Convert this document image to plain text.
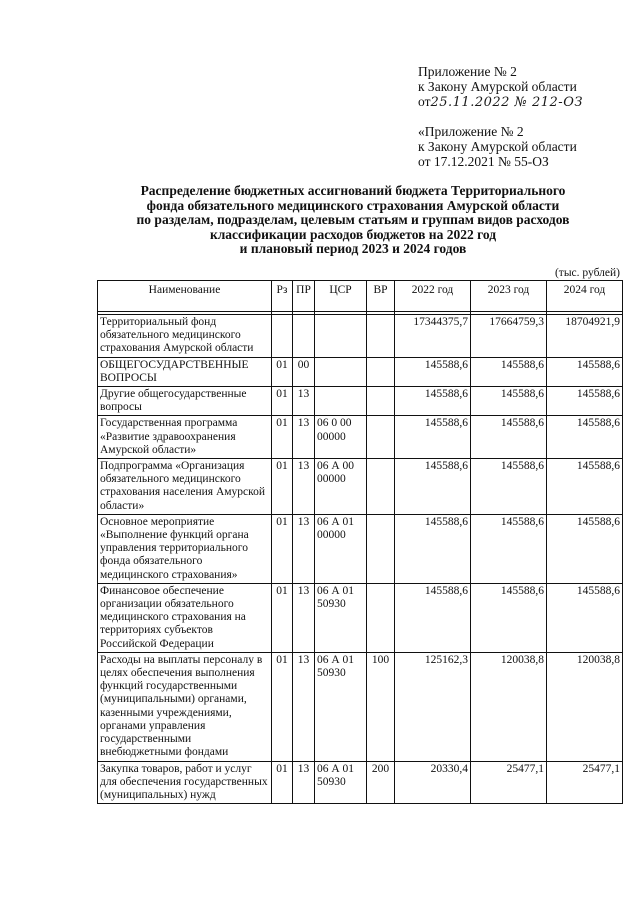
Приложение № 2
к Закону Амурской области
от25.11.2022 № 212-ОЗ
«Приложение № 2
к Закону Амурской области
от 17.12.2021 № 55-ОЗ
Распределение бюджетных ассигнований бюджета Территориального
фонда обязательного медицинского страхования Амурской области
по разделам, подразделам, целевым статьям и группам видов расходов
классификации расходов бюджетов на 2022 год
и плановый период 2023 и 2024 годов
(тыс. рублей)
Наименование	Рз	ПР	ЦСР	ВР	2022 год	2023 год	2024 год

Территориальный фонд обязательного медицинского страхования Амурской области					17344375,7	17664759,3	18704921,9
ОБЩЕГОСУДАРСТВЕННЫЕ ВОПРОСЫ	01	00			145588,6	145588,6	145588,6
Другие общегосударственные вопросы	01	13			145588,6	145588,6	145588,6
Государственная программа «Развитие здравоохранения Амурской области»	01	13	06 0 00 00000		145588,6	145588,6	145588,6
Подпрограмма «Организация обязательного медицинского страхования населения Амурской области»	01	13	06 А 00 00000		145588,6	145588,6	145588,6
Основное мероприятие «Выполнение функций органа управления территориального фонда обязательного медицинского страхования»	01	13	06 А 01 00000		145588,6	145588,6	145588,6
Финансовое обеспечение организации обязательного медицинского страхования на территориях субъектов Российской Федерации	01	13	06 А 01 50930		145588,6	145588,6	145588,6
Расходы на выплаты персоналу в целях обеспечения выполнения функций государственными (муниципальными) органами, казенными учреждениями, органами управления государственными внебюджетными фондами	01	13	06 А 01 50930	100	125162,3	120038,8	120038,8
Закупка товаров, работ и услуг для обеспечения государственных (муниципальных) нужд	01	13	06 А 01 50930	200	20330,4	25477,1	25477,1
